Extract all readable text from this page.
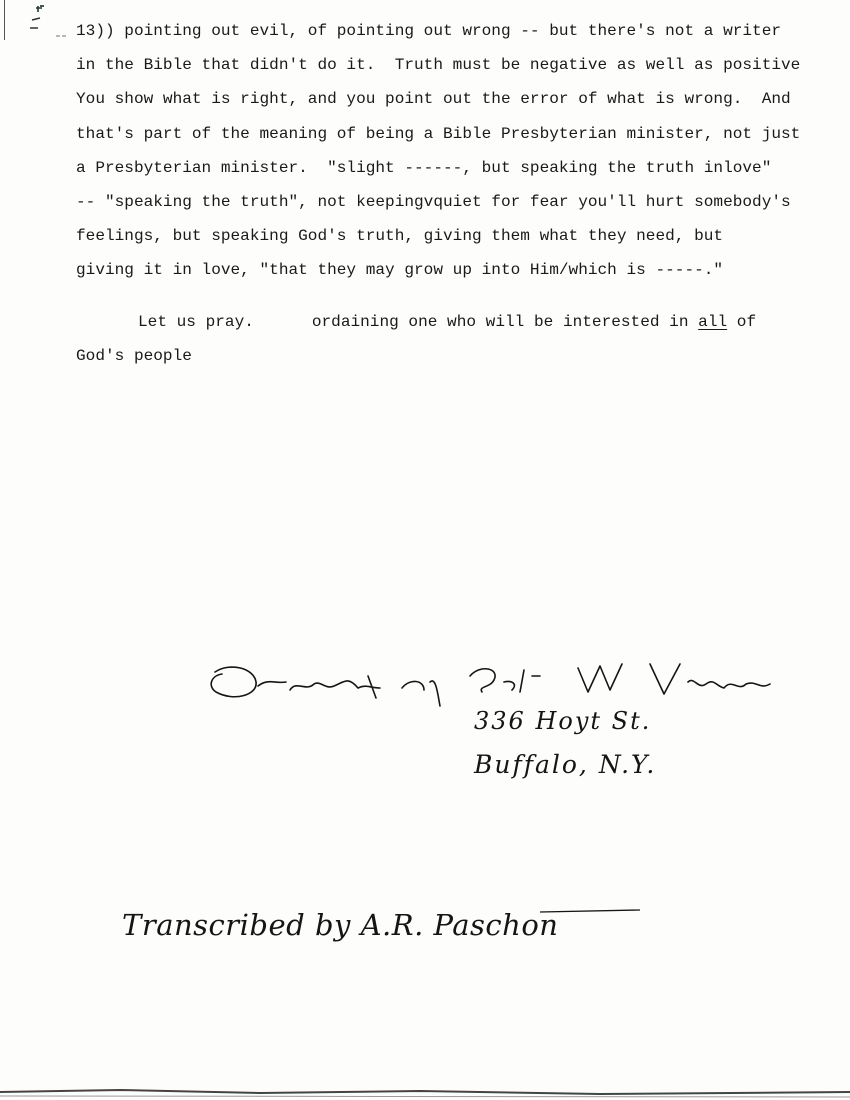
13)) pointing out evil, of pointing out wrong -- but there's not a writer
in the Bible that didn't do it.  Truth must be negative as well as positive
You show what is right, and you point out the error of what is wrong.  And
that's part of the meaning of being a Bible Presbyterian minister, not just
a Presbyterian minister.  "slight ------, but speaking the truth inlove"
-- "speaking the truth", not keepingvquiet for fear you'll hurt somebody's
feelings, but speaking God's truth, giving them what they need, but
giving it in love, "that they may grow up into Him/which is -----."
Let us pray.      ordaining one who will be interested in all of
God's people
336 Hoyt St.
Buffalo, N.Y.
Ordination of Robt. W. Vandermey
Transcribed by A.R. Paschon
